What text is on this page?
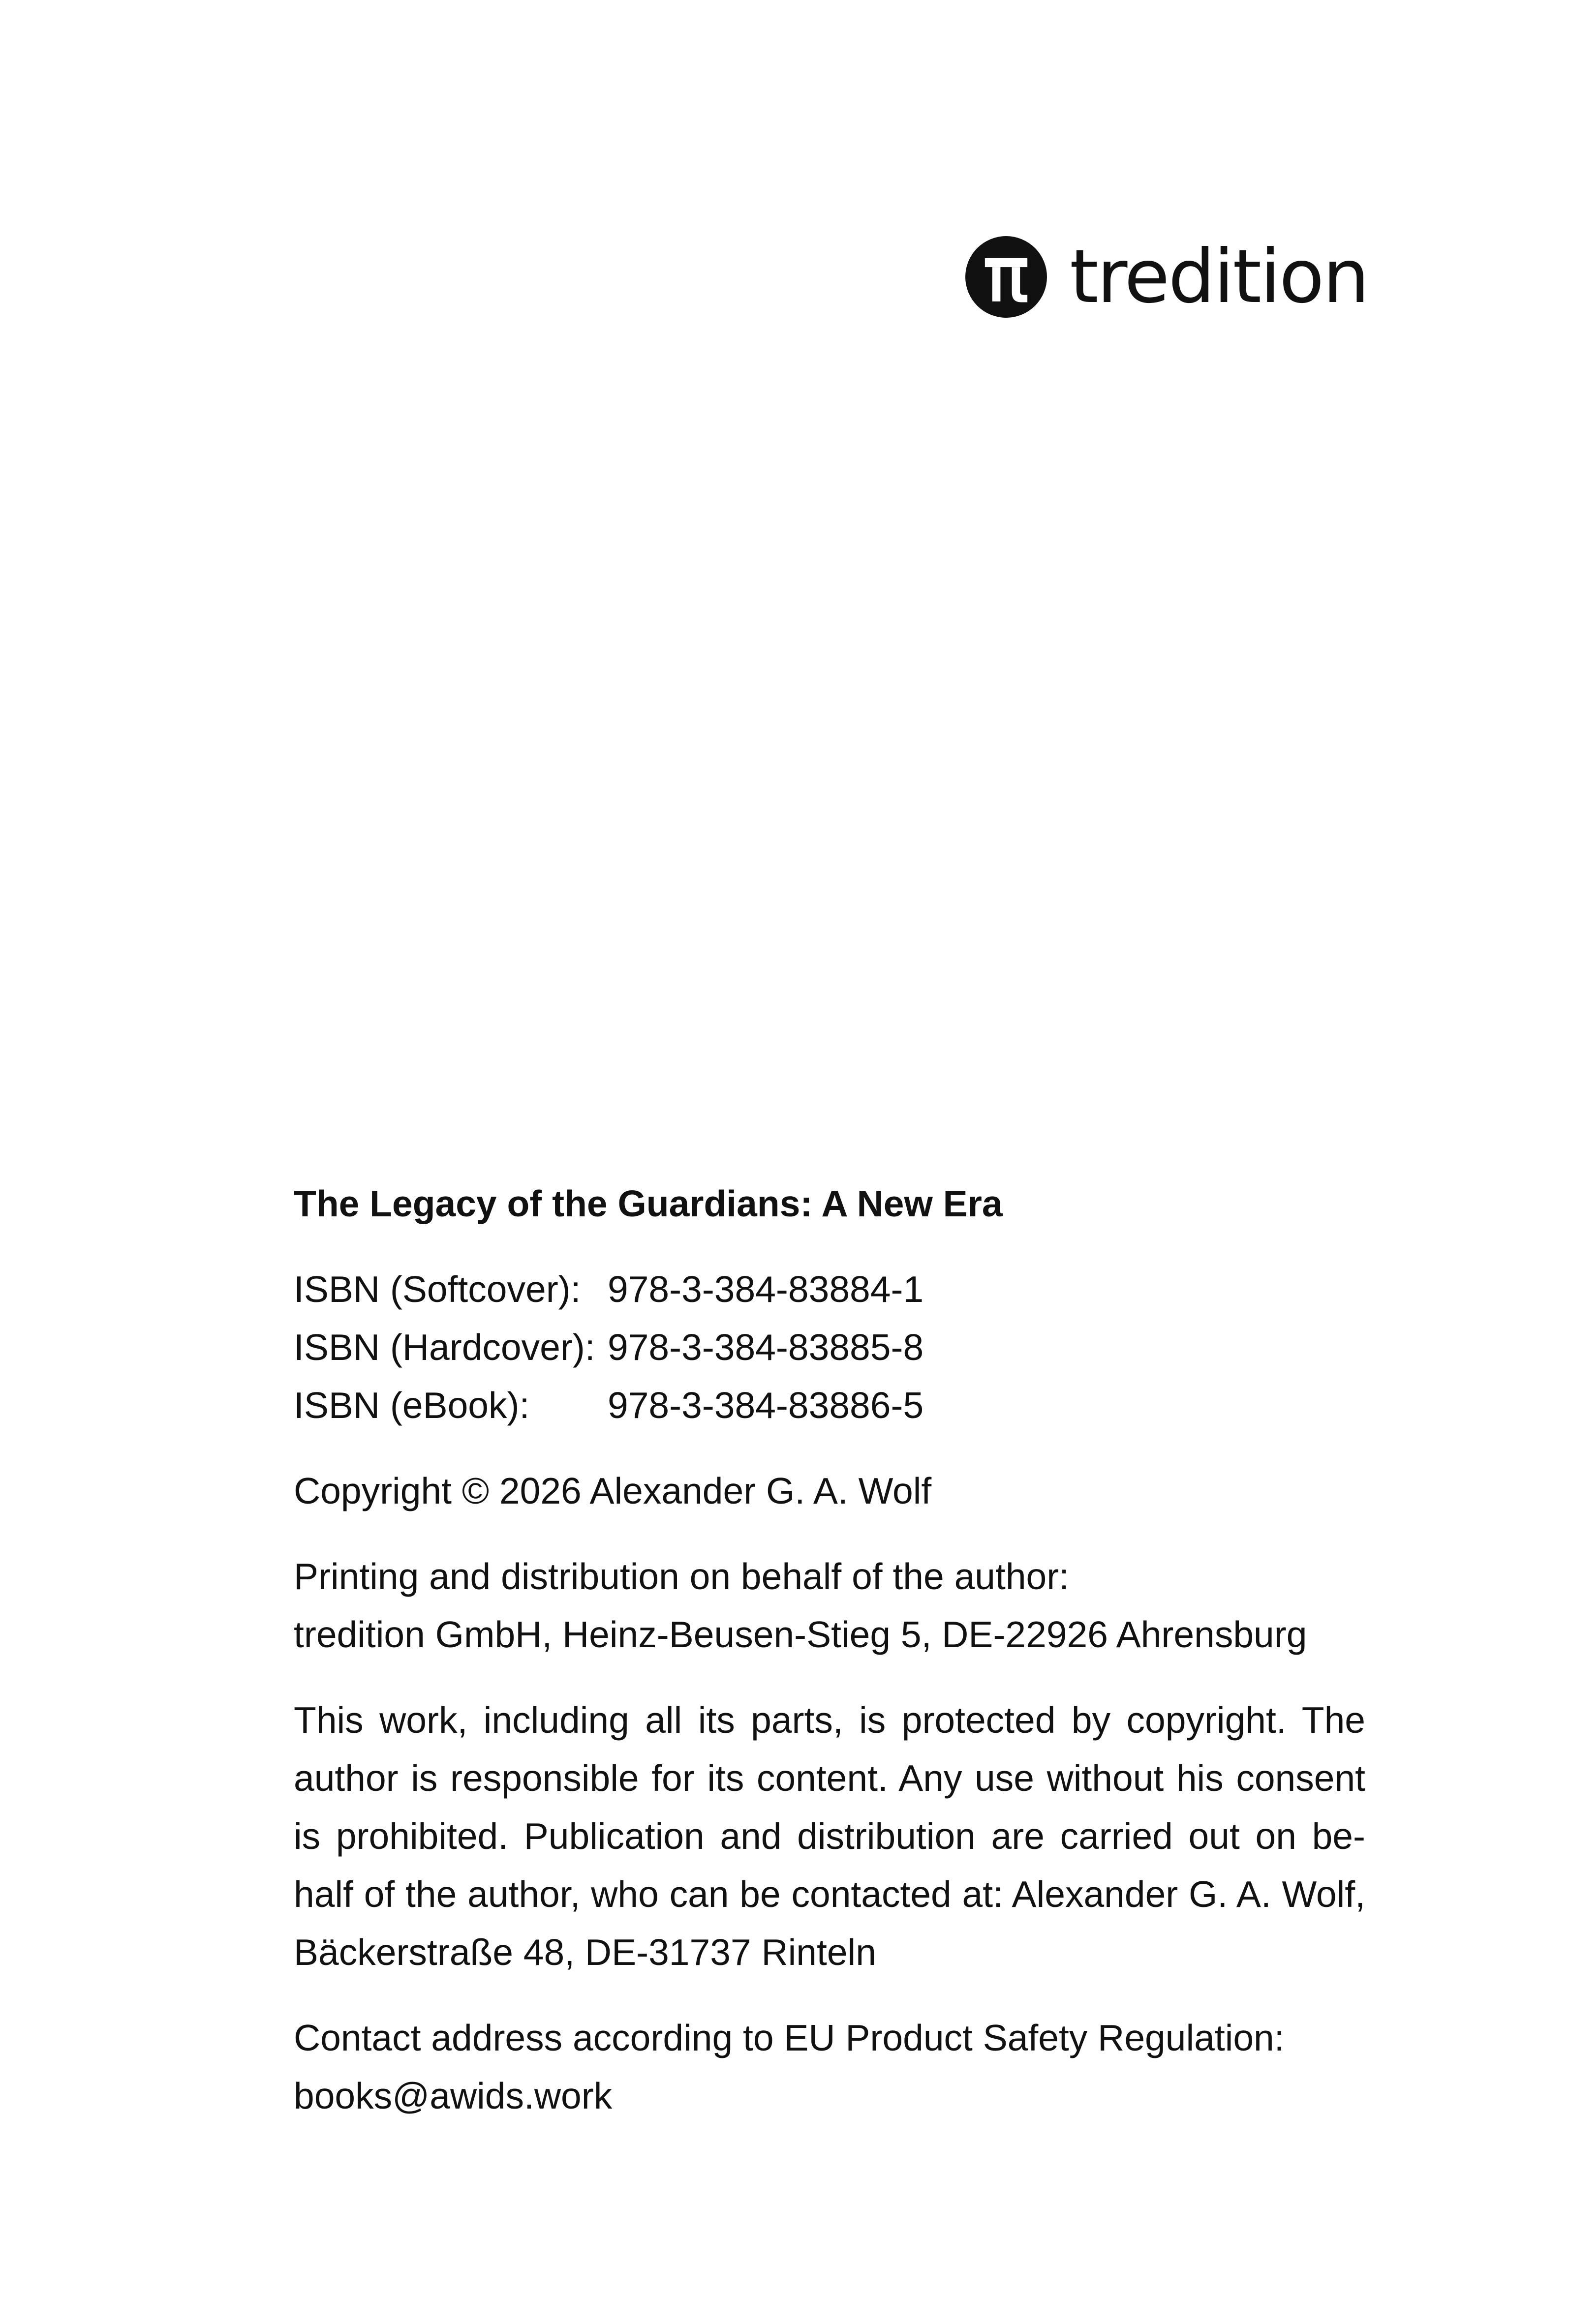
tredition

The Legacy of the Guardians: A New Era

ISBN (Softcover): 978-3-384-83884-1
ISBN (Hardcover): 978-3-384-83885-8
ISBN (eBook):	978-3-384-83886-5

Copyright © 2026 Alexander G. A. Wolf

Printing and distribution on behalf of the author:
tredition GmbH, Heinz-Beusen-Stieg 5, DE-22926 Ahrensburg

This work, including all its parts, is protected by copyright. The
author is responsible for its content. Any use without his consent
is prohibited. Publication and distribution are carried out on be-
half of the author, who can be contacted at: Alexander G. A. Wolf,
Bäckerstraße 48, DE-31737 Rinteln

Contact address according to EU Product Safety Regulation:
books@awids.work
